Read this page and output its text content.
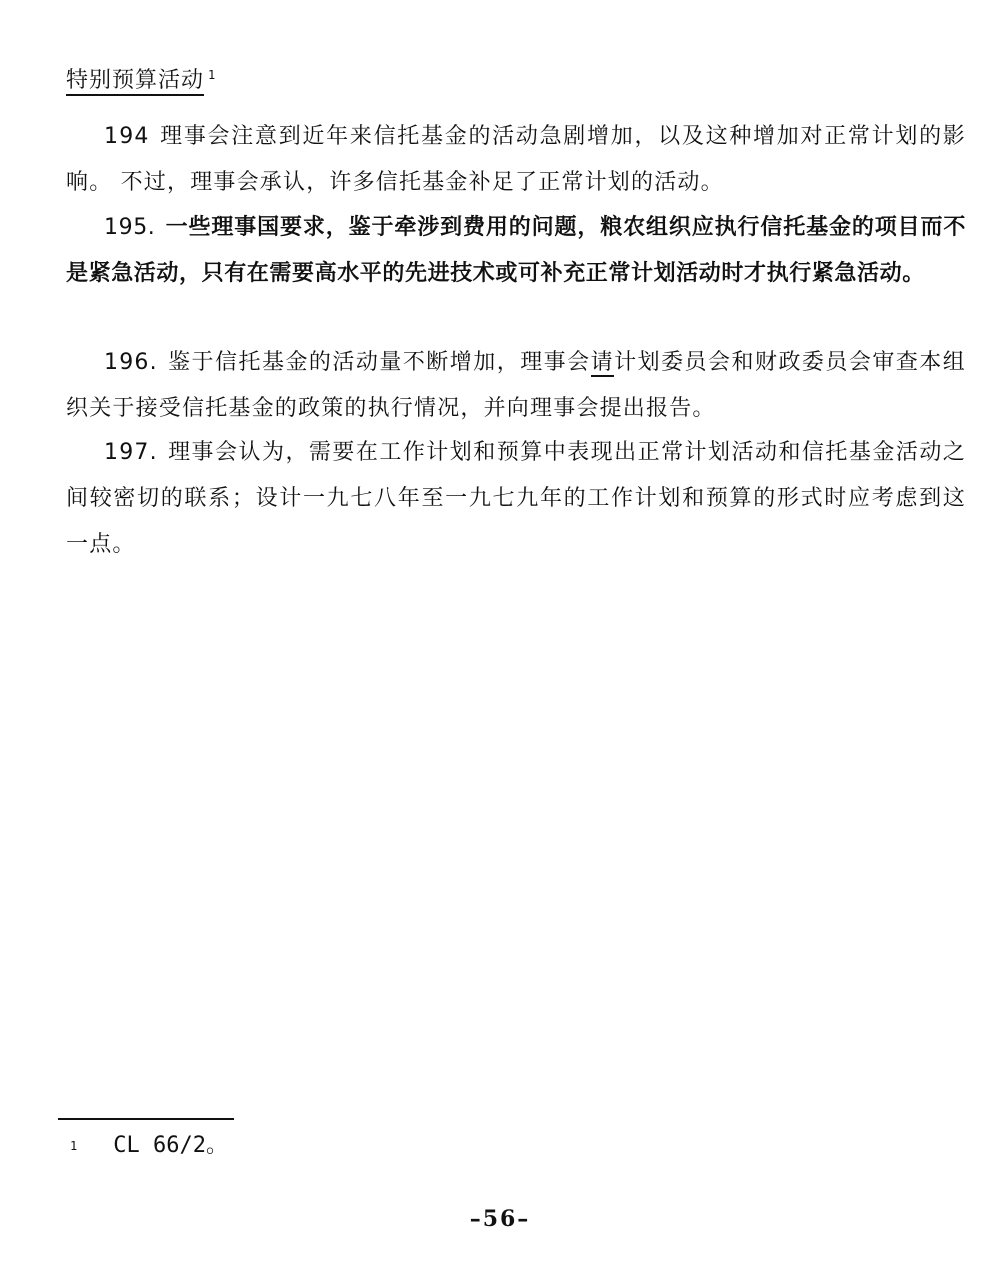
特别预算活动 $^1$
194 理事会注意到近年来信托基金的活动急剧增加，以及这种增加对正常计划的影响。 不过，理事会承认，许多信托基金补足了正常计划的活动。
195. 一些理事国要求，鉴于牵涉到费用的问题，粮农组织应执行信托基金的项目而不是紧急活动，只有在需要高水平的先进技术或可补充正常计划活动时才执行紧急活动。
196. 鉴于信托基金的活动量不断增加，理事会请计划委员会和财政委员会审查本组织关于接受信托基金的政策的执行情况，并向理事会提出报告。
197. 理事会认为，需要在工作计划和预算中表现出正常计划活动和信托基金活动之间较密切的联系；设计一九七八年至一九七九年的工作计划和预算的形式时应考虑到这一点。
$^1$ CL 66/2。
–56–
